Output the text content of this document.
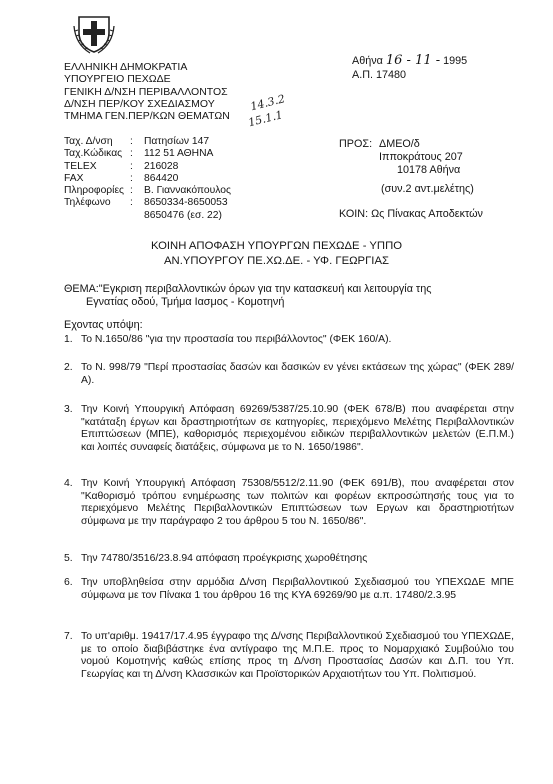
ΕΛΛΗΝΙΚΗ ΔΗΜΟΚΡΑΤΙΑ
ΥΠΟΥΡΓΕΙΟ ΠΕΧΩΔΕ
ΓΕΝΙΚΗ Δ/ΝΣΗ ΠΕΡΙΒΑΛΛΟΝΤΟΣ
Δ/ΝΣΗ ΠΕΡ/ΚΟΥ ΣΧΕΔΙΑΣΜΟΥ
ΤΜΗΜΑ ΓΕΝ.ΠΕΡ/ΚΩΝ ΘΕΜΑΤΩΝ
14.3.2
15.1.1
Αθήνα 16 - 11 - 1995
Α.Π. 17480
Ταχ. Δ/νση	:	Πατησίων 147
Ταχ.Κώδικας	:	112 51 ΑΘΗΝΑ
TELEX	:	216028
FAX	:	864420
Πληροφορίες	:	Β. Γιαννακόπουλος
Τηλέφωνο	:	8650334-8650053
		8650476 (εσ. 22)
ΠΡΟΣ: ΔΜΕΟ/δ
Ιπποκράτους 207
10178 Αθήνα
(συν.2 αντ.μελέτης)
ΚΟΙΝ: Ως Πίνακας Αποδεκτών
ΚΟΙΝΗ ΑΠΟΦΑΣΗ ΥΠΟΥΡΓΩΝ ΠΕΧΩΔΕ - ΥΠΠΟ
ΑΝ.ΥΠΟΥΡΓΟΥ ΠΕ.ΧΩ.ΔΕ. - ΥΦ. ΓΕΩΡΓΙΑΣ
ΘΕΜΑ:"Εγκριση περιβαλλοντικών όρων για την κατασκευή και λειτουργία της
Εγνατίας οδού, Τμήμα Ιασμος - Κομοτηνή
Εχοντας υπόψη:
1. Το Ν.1650/86 "για την προστασία του περιβάλλοντος" (ΦΕΚ 160/Α).
2. Το Ν. 998/79 "Περί προστασίας δασών και δασικών εν γένει εκτάσεων της χώρας" (ΦΕΚ 289/Α).
3. Την Κοινή Υπουργική Απόφαση 69269/5387/25.10.90 (ΦΕΚ 678/Β) που αναφέρεται στην "κατάταξη έργων και δραστηριοτήτων σε κατηγορίες, περιεχόμενο Μελέτης Περιβαλλοντικών Επιπτώσεων (ΜΠΕ), καθορισμός περιεχομένου ειδικών περιβαλλοντικών μελετών (Ε.Π.Μ.) και λοιπές συναφείς διατάξεις, σύμφωνα με το Ν. 1650/1986".
4. Την Κοινή Υπουργική Απόφαση 75308/5512/2.11.90 (ΦΕΚ 691/Β), που αναφέρεται στον "Καθορισμό τρόπου ενημέρωσης των πολιτών και φορέων εκπροσώπησής τους για το περιεχόμενο Μελέτης Περιβαλλοντικών Επιπτώσεων των Εργων και δραστηριοτήτων σύμφωνα με την παράγραφο 2 του άρθρου 5 του Ν. 1650/86".
5. Την 74780/3516/23.8.94 απόφαση προέγκρισης χωροθέτησης
6. Την υποβληθείσα στην αρμόδια Δ/νση Περιβαλλοντικού Σχεδιασμού του ΥΠΕΧΩΔΕ ΜΠΕ σύμφωνα με τον Πίνακα 1 του άρθρου 16 της ΚΥΑ 69269/90 με α.π. 17480/2.3.95
7. Το υπ'αριθμ. 19417/17.4.95 έγγραφο της Δ/νσης Περιβαλλοντικού Σχεδιασμού του ΥΠΕΧΩΔΕ, με το οποίο διαβιβάστηκε ένα αντίγραφο της Μ.Π.Ε. προς το Νομαρχιακό Συμβούλιο του νομού Κομοτηνής καθώς επίσης προς τη Δ/νση Προστασίας Δασών και Δ.Π. του Υπ. Γεωργίας και τη Δ/νση Κλασσικών και Προϊστορικών Αρχαιοτήτων του Υπ. Πολιτισμού.
